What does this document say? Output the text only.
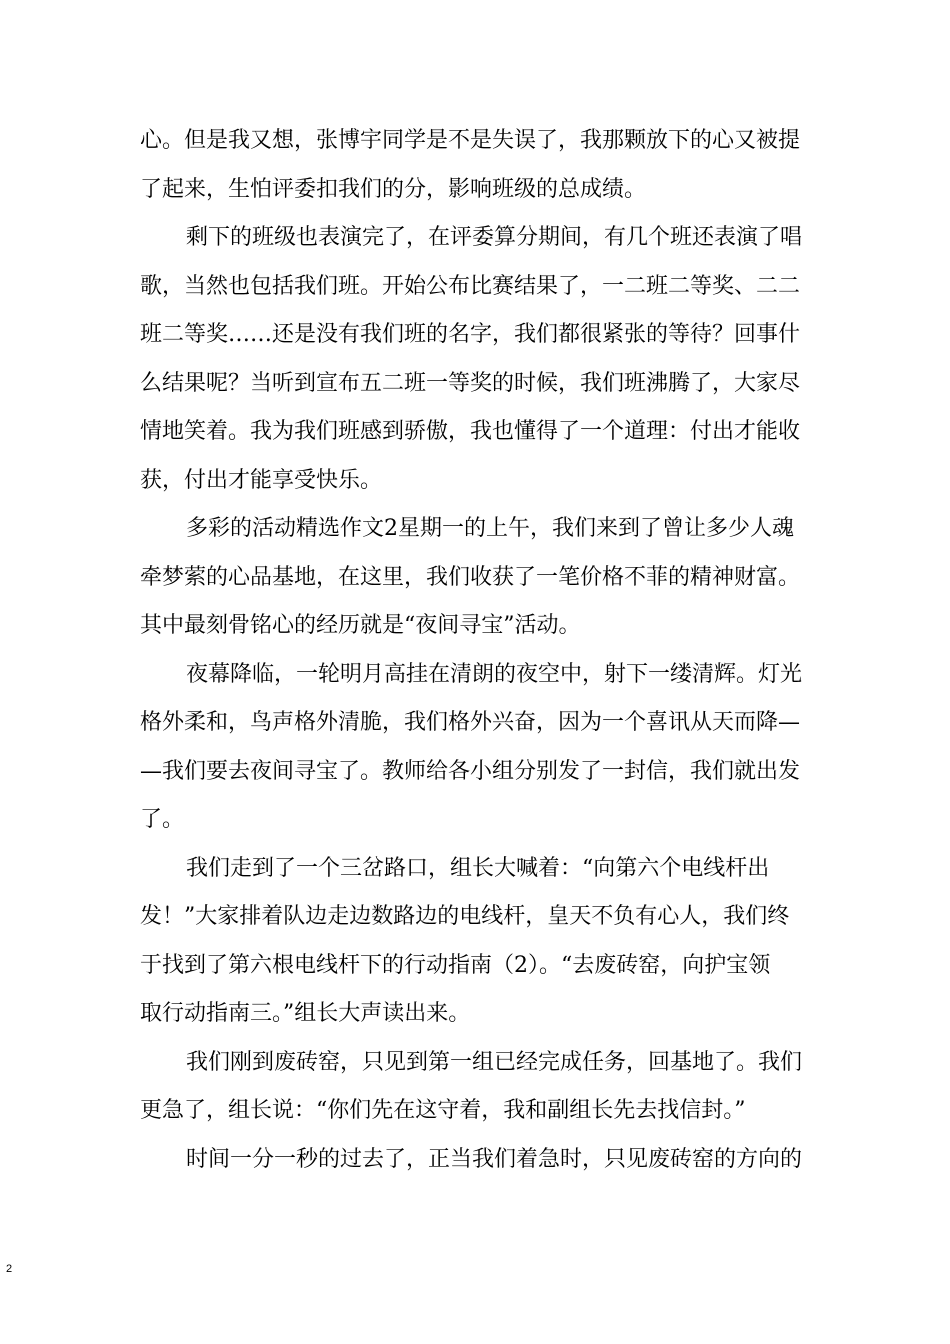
心。但是我又想，张博宇同学是不是失误了，我那颗放下的心又被提
了起来，生怕评委扣我们的分，影响班级的总成绩。
剩下的班级也表演完了，在评委算分期间，有几个班还表演了唱
歌，当然也包括我们班。开始公布比赛结果了，一二班二等奖、二二
班二等奖……还是没有我们班的名字，我们都很紧张的等待？回事什
么结果呢？当听到宣布五二班一等奖的时候，我们班沸腾了，大家尽
情地笑着。我为我们班感到骄傲，我也懂得了一个道理：付出才能收
获，付出才能享受快乐。
多彩的活动精选作文2星期一的上午，我们来到了曾让多少人魂
牵梦萦的心品基地，在这里，我们收获了一笔价格不菲的精神财富。
其中最刻骨铭心的经历就是“夜间寻宝”活动。
夜幕降临，一轮明月高挂在清朗的夜空中，射下一缕清辉。灯光
格外柔和，鸟声格外清脆，我们格外兴奋，因为一个喜讯从天而降—
—我们要去夜间寻宝了。教师给各小组分别发了一封信，我们就出发
了。
我们走到了一个三岔路口，组长大喊着：“向第六个电线杆出
发！”大家排着队边走边数路边的电线杆，皇天不负有心人，我们终
于找到了第六根电线杆下的行动指南（2）。“去废砖窑，向护宝领
取行动指南三。”组长大声读出来。
我们刚到废砖窑，只见到第一组已经完成任务，回基地了。我们
更急了，组长说：“你们先在这守着，我和副组长先去找信封。”
时间一分一秒的过去了，正当我们着急时，只见废砖窑的方向的
2
